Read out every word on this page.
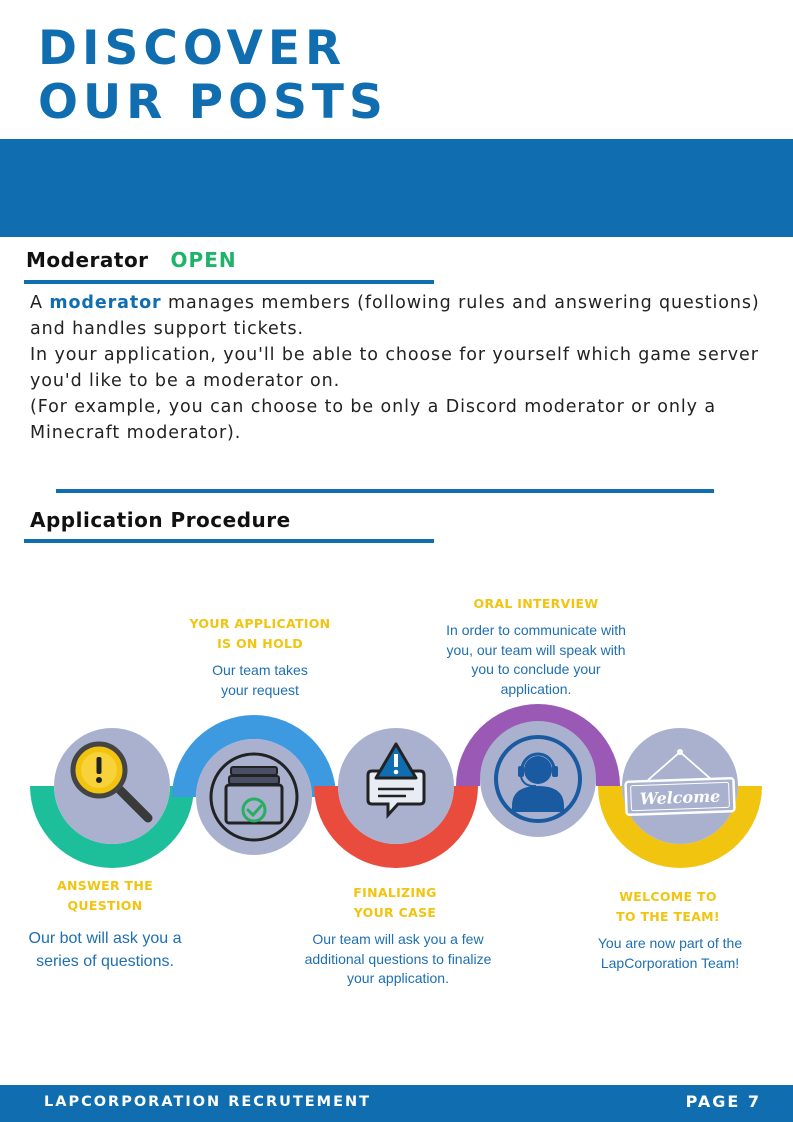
DISCOVER
OUR POSTS
Moderator OPEN

A moderator manages members (following rules and answering questions) and handles support tickets.

In your application, you'll be able to choose for yourself which game server you'd like to be a moderator on.

(For example, you can choose to be only a Discord moderator or only a Minecraft moderator).

Application Procedure
ANSWER THE
QUESTION
Our bot will ask you a
series of questions.
YOUR APPLICATION
IS ON HOLD
Our team takes
your request
FINALIZING
YOUR CASE
Our team will ask you a few
additional questions to finalize
your application.
ORAL INTERVIEW
In order to communicate with
you, our team will speak with
you to conclude your
application.
WELCOME TO
TO THE TEAM!
You are now part of the
LapCorporation Team!
Welcome
LAPCORPORATION RECRUTEMENT	PAGE 7
